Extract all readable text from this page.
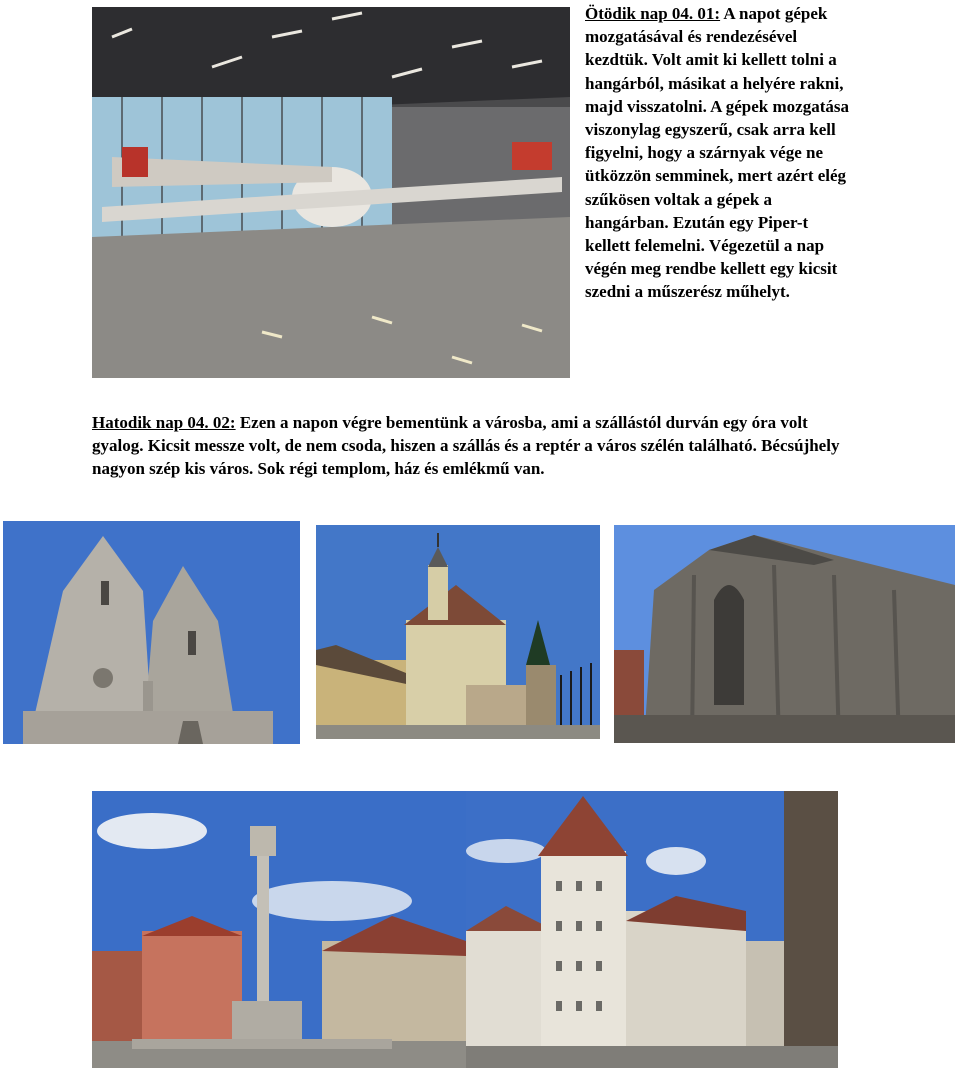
Ötödik nap 04. 01: A napot gépek mozgatásával és rendezésével kezdtük. Volt amit ki kellett tolni a hangárból, másikat a helyére rakni, majd visszatolni. A gépek mozgatása viszonylag egyszerű, csak arra kell figyelni, hogy a szárnyak vége ne ütközzön semminek, mert azért elég szűkösen voltak a gépek a hangárban. Ezután egy Piper-t kellett felemelni. Végezetül a nap végén meg rendbe kellett egy kicsit szedni a műszerész műhelyt.
Hatodik nap 04. 02: Ezen a napon végre bementünk a városba, ami a szállástól durván egy óra volt gyalog. Kicsit messze volt, de nem csoda, hiszen a szállás és a reptér a város szélén található. Bécsújhely nagyon szép kis város. Sok régi templom, ház és emlékmű van.
